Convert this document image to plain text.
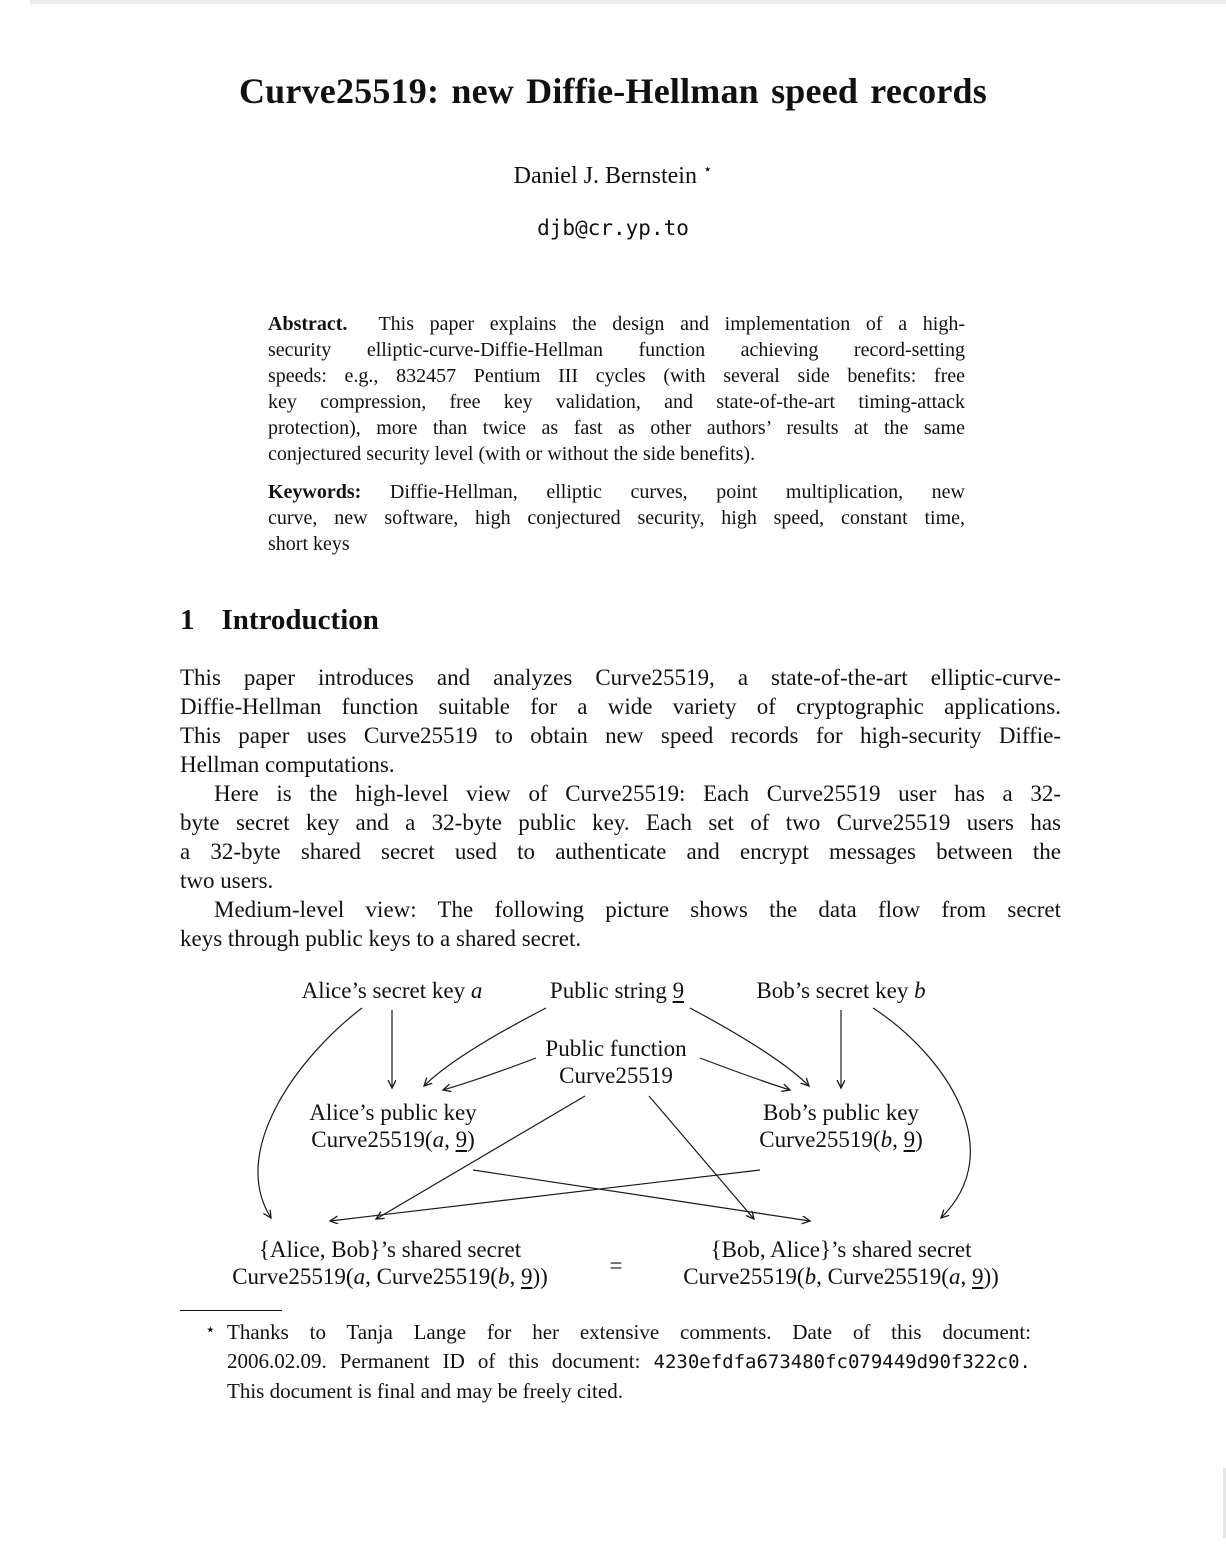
Curve25519: new Diffie-Hellman speed records
Daniel J. Bernstein ⋆
djb@cr.yp.to
Abstract. This paper explains the design and implementation of a high-
security elliptic-curve-Diffie-Hellman function achieving record-setting
speeds: e.g., 832457 Pentium III cycles (with several side benefits: free
key compression, free key validation, and state-of-the-art timing-attack
protection), more than twice as fast as other authors’ results at the same
conjectured security level (with or without the side benefits).
Keywords: Diffie-Hellman, elliptic curves, point multiplication, new
curve, new software, high conjectured security, high speed, constant time,
short keys
1 Introduction
This paper introduces and analyzes Curve25519, a state-of-the-art elliptic-curve-
Diffie-Hellman function suitable for a wide variety of cryptographic applications.
This paper uses Curve25519 to obtain new speed records for high-security Diffie-
Hellman computations.
Here is the high-level view of Curve25519: Each Curve25519 user has a 32-
byte secret key and a 32-byte public key. Each set of two Curve25519 users has
a 32-byte shared secret used to authenticate and encrypt messages between the
two users.
Medium-level view: The following picture shows the data flow from secret
keys through public keys to a shared secret.
Alice’s secret key a	Public string 9	Bob’s secret key b
Public function
Curve25519
Alice’s public key
Curve25519(a, 9)
Bob’s public key
Curve25519(b, 9)
{Alice, Bob}’s shared secret
Curve25519(a, Curve25519(b, 9))	=
{Bob, Alice}’s shared secret
Curve25519(b, Curve25519(a, 9))
⋆ Thanks to Tanja Lange for her extensive comments. Date of this document:
2006.02.09. Permanent ID of this document: 4230efdfa673480fc079449d90f322c0.
This document is final and may be freely cited.
